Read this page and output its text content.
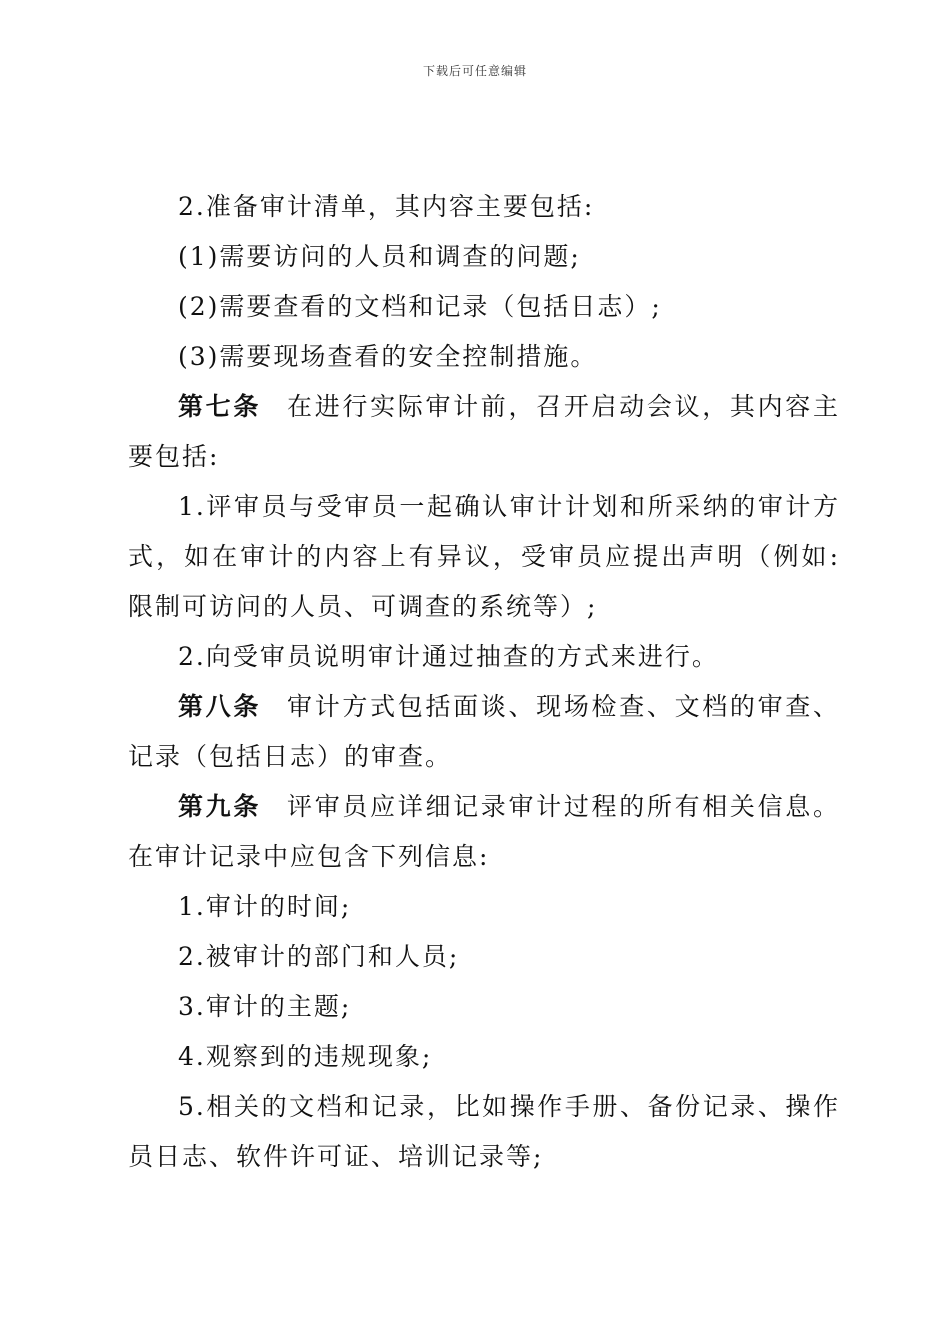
下载后可任意编辑

2.准备审计清单，其内容主要包括:

(1)需要访问的人员和调查的问题;

(2)需要查看的文档和记录（包括日志）;

(3)需要现场查看的安全控制措施。

第七条 在进行实际审计前，召开启动会议，其内容主要包括:

1.评审员与受审员一起确认审计计划和所采纳的审计方式，如在审计的内容上有异议，受审员应提出声明（例如: 限制可访问的人员、可调查的系统等）;

2.向受审员说明审计通过抽查的方式来进行。

第八条 审计方式包括面谈、现场检查、文档的审查、记录（包括日志）的审查。

第九条 评审员应详细记录审计过程的所有相关信息。在审计记录中应包含下列信息:

1.审计的时间;

2.被审计的部门和人员;

3.审计的主题;

4.观察到的违规现象;

5.相关的文档和记录，比如操作手册、备份记录、操作员日志、软件许可证、培训记录等;
